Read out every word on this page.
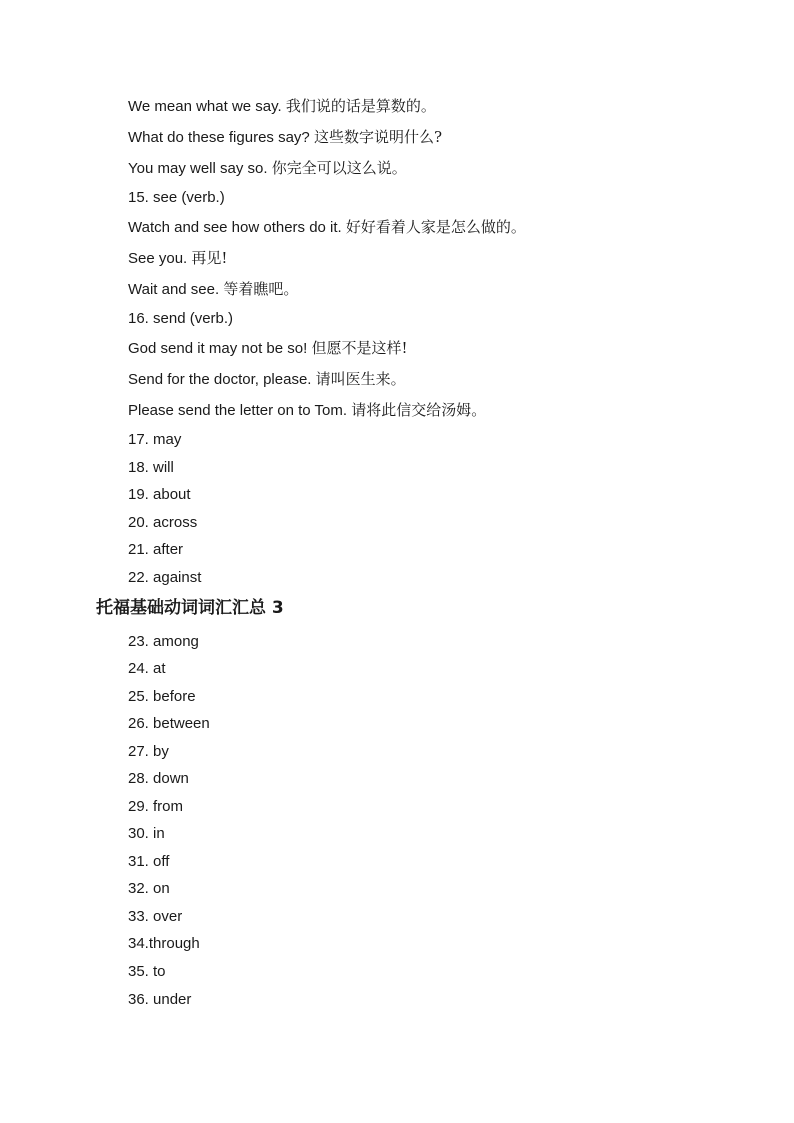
We mean what we say. 我们说的话是算数的。
What do these figures say? 这些数字说明什么?
You may well say so. 你完全可以这么说。
15. see (verb.)
Watch and see how others do it. 好好看着人家是怎么做的。
See you. 再见!
Wait and see. 等着瞧吧。
16. send (verb.)
God send it may not be so! 但愿不是这样!
Send for the doctor, please. 请叫医生来。
Please send the letter on to Tom. 请将此信交给汤姆。
17. may
18. will
19. about
20. across
21. after
22. against
托福基础动词词汇汇总 3
23. among
24. at
25. before
26. between
27. by
28. down
29. from
30. in
31. off
32. on
33. over
34.through
35. to
36. under
